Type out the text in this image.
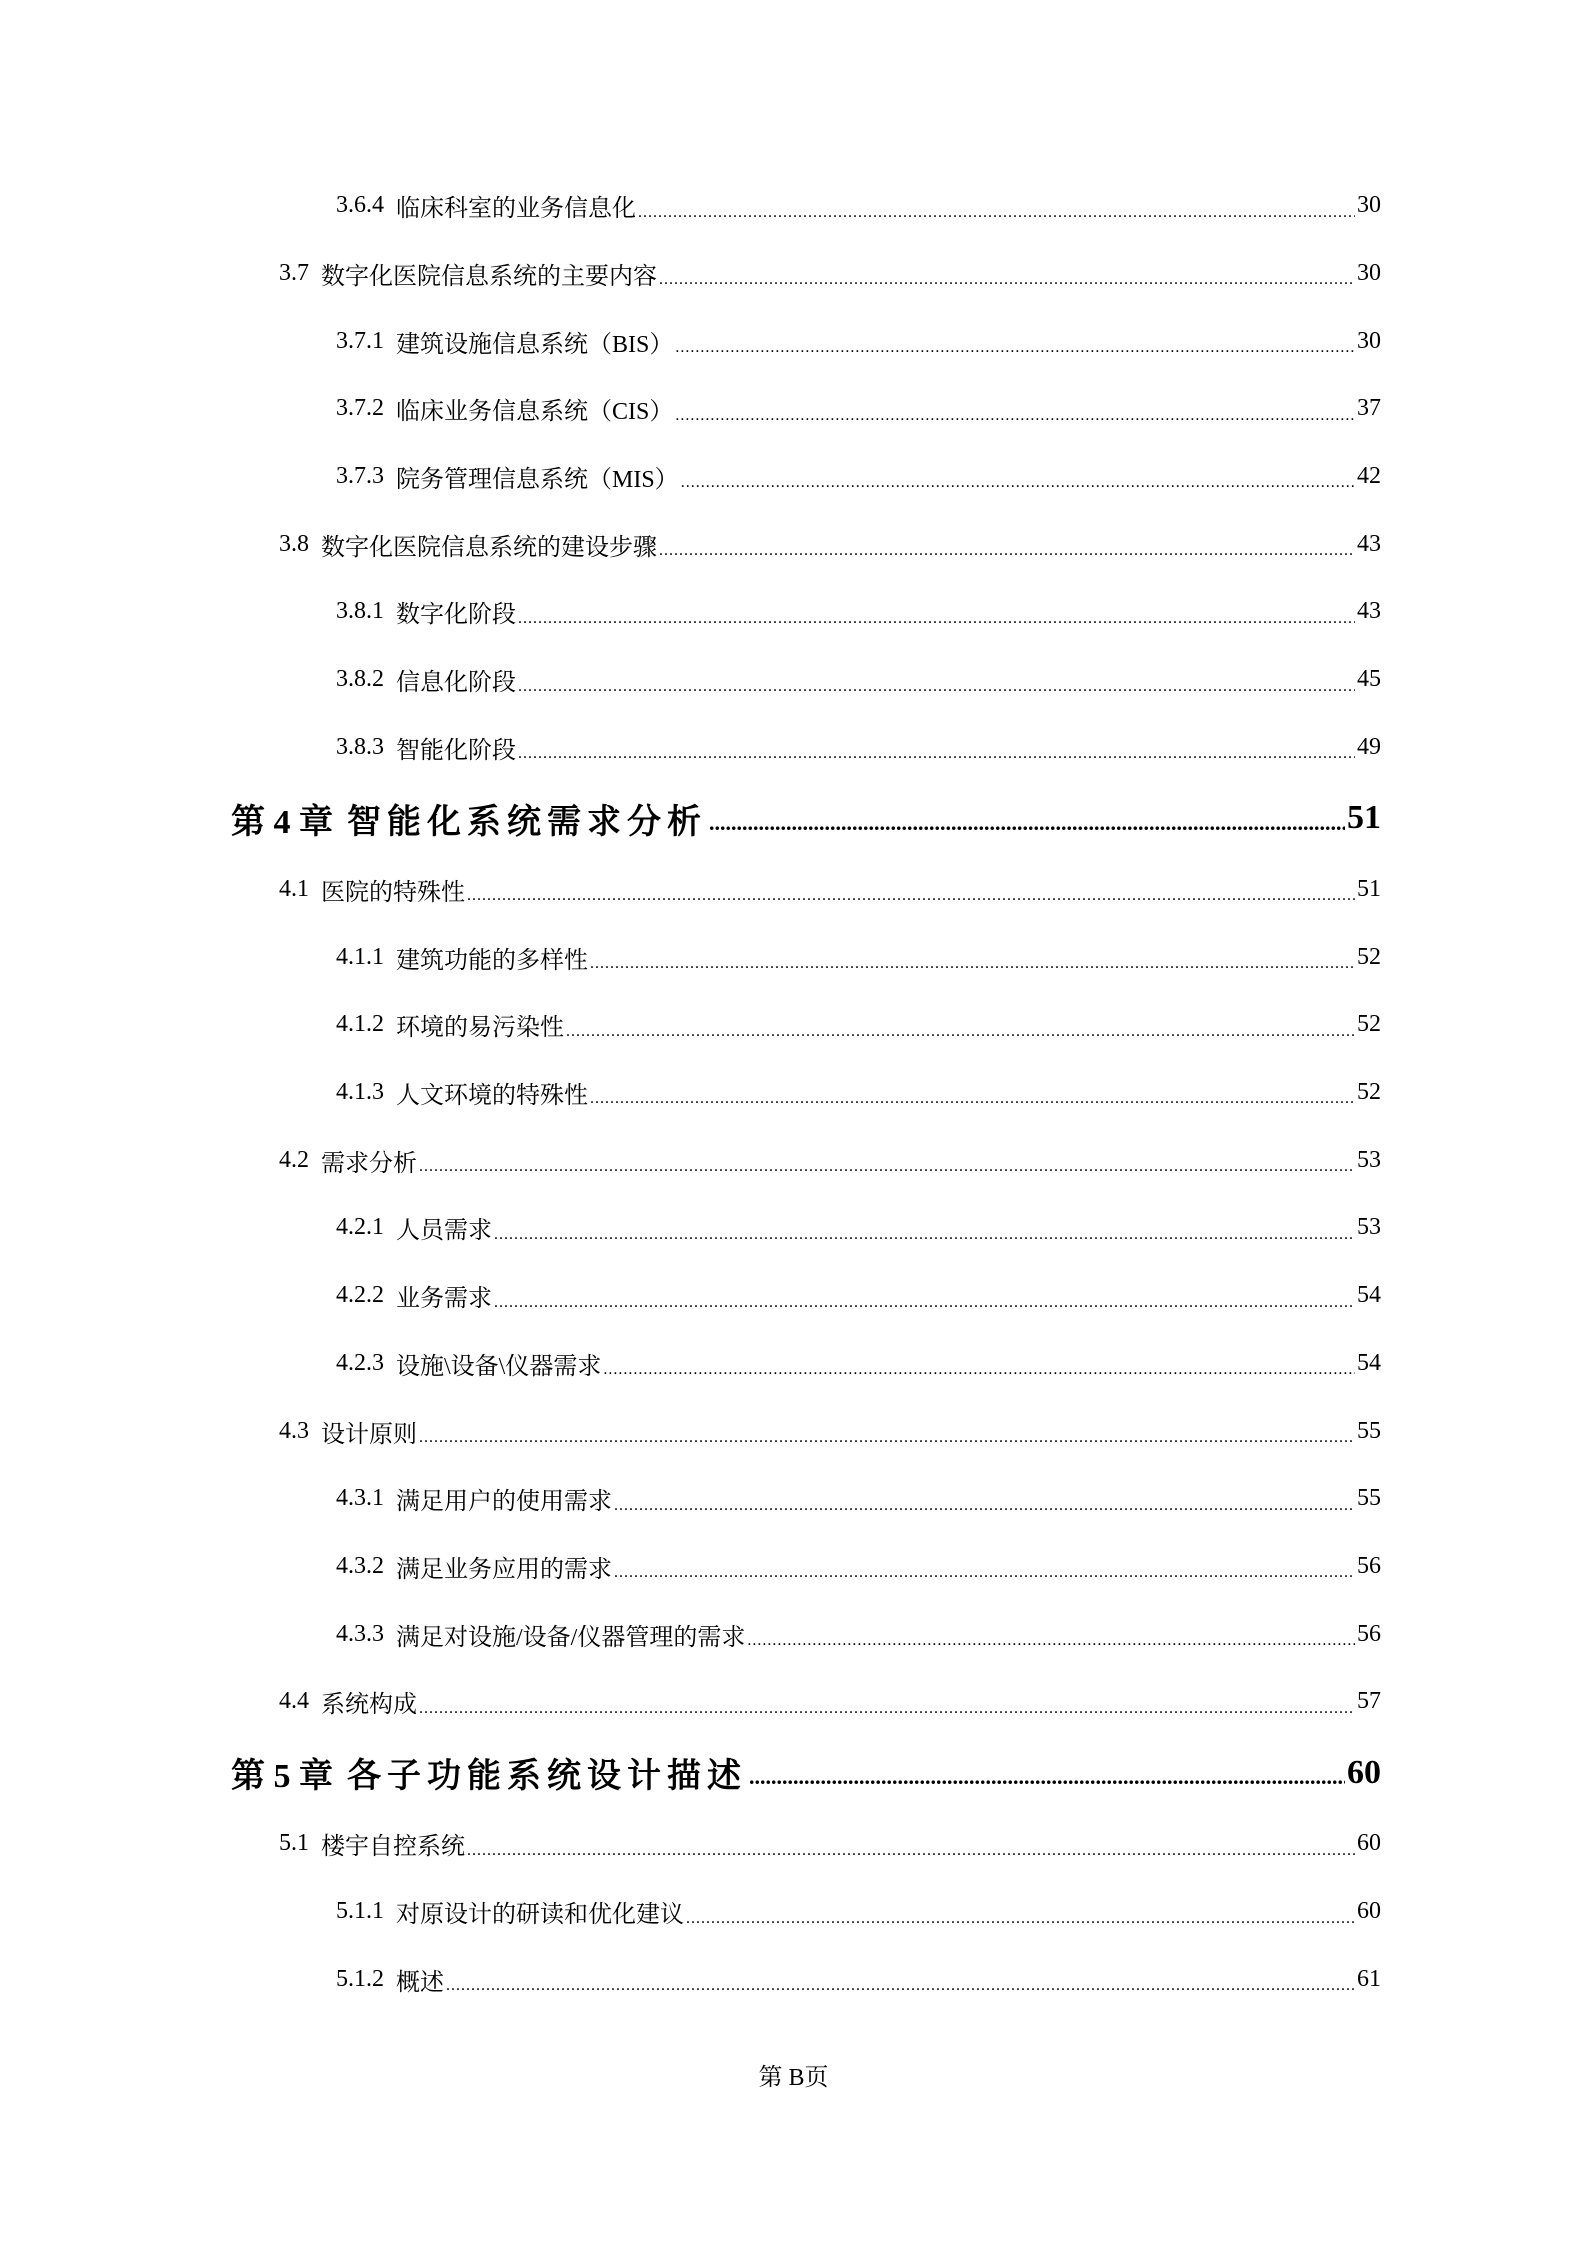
3.6.4 临床科室的业务信息化 .....	30
3.7 数字化医院信息系统的主要内容 .....	30
3.7.1 建筑设施信息系统（BIS） .....	30
3.7.2 临床业务信息系统（CIS） .....	37
3.7.3 院务管理信息系统（MIS） .....	42
3.8 数字化医院信息系统的建设步骤 .....	43
3.8.1 数字化阶段 .....	43
3.8.2 信息化阶段 .....	45
3.8.3 智能化阶段 .....	49
第 4 章 智能化系统需求分析 .....	51
4.1 医院的特殊性 .....	51
4.1.1 建筑功能的多样性 .....	52
4.1.2 环境的易污染性 .....	52
4.1.3 人文环境的特殊性 .....	52
4.2 需求分析 .....	53
4.2.1 人员需求 .....	53
4.2.2 业务需求 .....	54
4.2.3 设施\设备\仪器需求 .....	54
4.3 设计原则 .....	55
4.3.1 满足用户的使用需求 .....	55
4.3.2 满足业务应用的需求 .....	56
4.3.3 满足对设施/设备/仪器管理的需求 .....	56
4.4 系统构成 .....	57
第 5 章 各子功能系统设计描述 .....	60
5.1 楼宇自控系统 .....	60
5.1.1 对原设计的研读和优化建议 .....	60
5.1.2 概述 .....	61
第 B页
